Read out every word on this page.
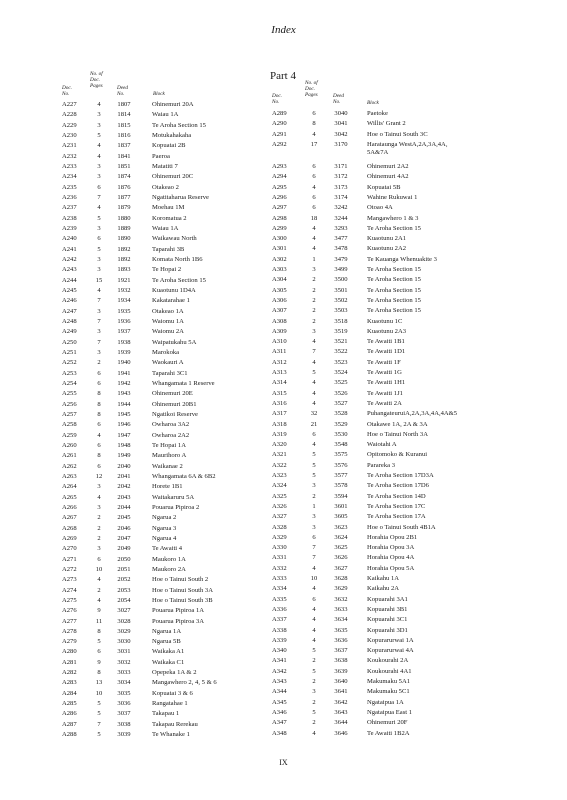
Index
Part 4
Doc.
No.
No. of
Doc.
Pages	Deed
No.	Block	Doc.
No.
No. of
Doc.
Pages	Deed
No.	Block
A227	4	1807	Ohinemuri 20A
A228	3	1814	Waiau 1A
A229	3	1815	Te Aroha Section 15
A230	5	1816	Motukahakaha
A231	4	1837	Kopuatai 2B
A232	4	1841	Paeroa
A233	3	1851	Matatiti 7
A234	3	1874	Ohinemuri 20C
A235	6	1876	Otakeao 2
A236	7	1877	Ngatitaharua Reserve
A237	4	1879	Moehau 1M
A238	5	1880	Koromatua 2
A239	3	1889	Waiau 1A
A240	6	1890	Waikawau North
A241	5	1892	Taparahi 3B
A242	3	1892	Komata North 1B6
A243	3	1893	Te Hopai 2
A244	15	1921	Te Aroha Section 15
A245	4	1932	Kuaotunu 1D4A
A246	7	1934	Kakatarahae 1
A247	3	1935	Otakeao 1A
A248	7	1936	Waiomu 1A
A249	3	1937	Waiomu 2A
A250	7	1938	Waipatukahu 5A
A251	3	1939	Marokoka
A252	2	1940	Waokauri A
A253	6	1941	Taparahi 3C1
A254	6	1942	Whangamata 1 Reserve
A255	8	1943	Ohinemuri 20E
A256	8	1944	Ohinemuri 20B1
A257	8	1945	Ngatikoi Reserve
A258	6	1946	Owharoa 3A2
A259	4	1947	Owharoa 2A2
A260	6	1948	Te Hopai 1A
A261	8	1949	Maurihoro A
A262	6	2040	Waikanae 2
A263	12	2041	Whangamata 6A & 6B2
A264	3	2042	Horete 1B1
A265	4	2043	Waitakaruru 5A
A266	3	2044	Pouarua Pipiroa 2
A267	2	2045	Ngarua 2
A268	2	2046	Ngarua 3
A269	2	2047	Ngarua 4
A270	3	2049	Te Awaiti 4
A271	6	2050	Maukoro 1A
A272	10	2051	Maukoro 2A
A273	4	2052	Hoe o Tainui South 2
A274	2	2053	Hoe o Tainui South 3A
A275	4	2054	Hoe o Tainui South 3B
A276	9	3027	Pouarua Pipiroa 1A
A277	11	3028	Pouarua Pipiroa 3A
A278	8	3029	Ngarua 1A
A279	5	3030	Ngarua 5B
A280	6	3031	Waikaka A1
A281	9	3032	Waikaka C1
A282	8	3033	Opepeka 1A & 2
A283	13	3034	Mangawhero 2, 4, 5 & 6
A284	10	3035	Kopuatai 3 & 6
A285	5	3036	Rangatahae 1
A286	5	3037	Takapau 1
A287	7	3038	Takapau Rerekau
A288	5	3039	Te Whanake 1
A289	6	3040	Paetoke
A290	8	3041	Willis' Grant 2
A291	4	3042	Hoe o Tainui South 3C
A292	17	3170	Harataunga WestA,2A,3A,4A,
5A&7A
A293	6	3171	Ohinemuri 2A2
A294	6	3172	Ohinemuri 4A2
A295	4	3173	Kopuatai 5B
A296	6	3174	Wahine Rukuwai 1
A297	6	3242	Otoao 4A
A298	18	3244	Mangawhero 1 & 3
A299	4	3293	Te Aroha Section 15
A300	4	3477	Kuaotunu 2A1
A301	4	3478	Kuaotunu 2A2
A302	1	3479	Te Kauanga Whenuakite 3
A303	3	3499	Te Aroha Section 15
A304	2	3500	Te Aroha Section 15
A305	2	3501	Te Aroha Section 15
A306	2	3502	Te Aroha Section 15
A307	2	3503	Te Aroha Section 15
A308	2	3518	Kuaotunu 1C
A309	3	3519	Kuaotunu 2A3
A310	4	3521	Te Awaiti 1B1
A311	7	3522	Te Awaiti 1D1
A312	4	3523	Te Awaiti 1F
A313	5	3524	Te Awaiti 1G
A314	4	3525	Te Awaiti 1H1
A315	4	3526	Te Awaiti 1J1
A316	4	3527	Te Awaiti 2A
A317	32	3528	PuhangateuruiA,2A,3A,4A,4A&5
A318	21	3529	Otakawe 1A, 2A & 3A
A319	6	3530	Hoe o Tainui North 3A
A320	4	3548	Waiotahi A
A321	5	3575	Opitomoko & Kuranui
A322	5	3576	Parareka 3
A323	5	3577	Te Aroha Section 17D3A
A324	3	3578	Te Aroha Section 17D6
A325	2	3594	Te Aroha Section 14D
A326	1	3601	Te Aroha Section 17C
A327	3	3605	Te Aroha Section 17A
A328	3	3623	Hoe o Tainui South 4B1A
A329	6	3624	Horahia Opou 2B1
A330	7	3625	Horahia Opou 3A
A331	7	3626	Horahia Opou 4A
A332	4	3627	Horahia Opou 5A
A333	10	3628	Kaikahu 1A
A334	4	3629	Kaikahu 2A
A335	6	3632	Kopuarahi 3A1
A336	4	3633	Kopuarahi 3B1
A337	4	3634	Kopuarahi 3C1
A338	4	3635	Kopuarahi 3D1
A339	4	3636	Kopurarurwai 1A
A340	5	3637	Kopurarurwai 4A
A341	2	3638	Koukourahi 2A
A342	5	3639	Koukourahi 4A1
A343	2	3640	Makumaku 5A1
A344	3	3641	Makumaku 5C1
A345	2	3642	Ngataipua 1A
A346	5	3643	Ngataipua East 1
A347	2	3644	Ohinemuri 20F
A348	4	3646	Te Awaiti 1B2A
IX
